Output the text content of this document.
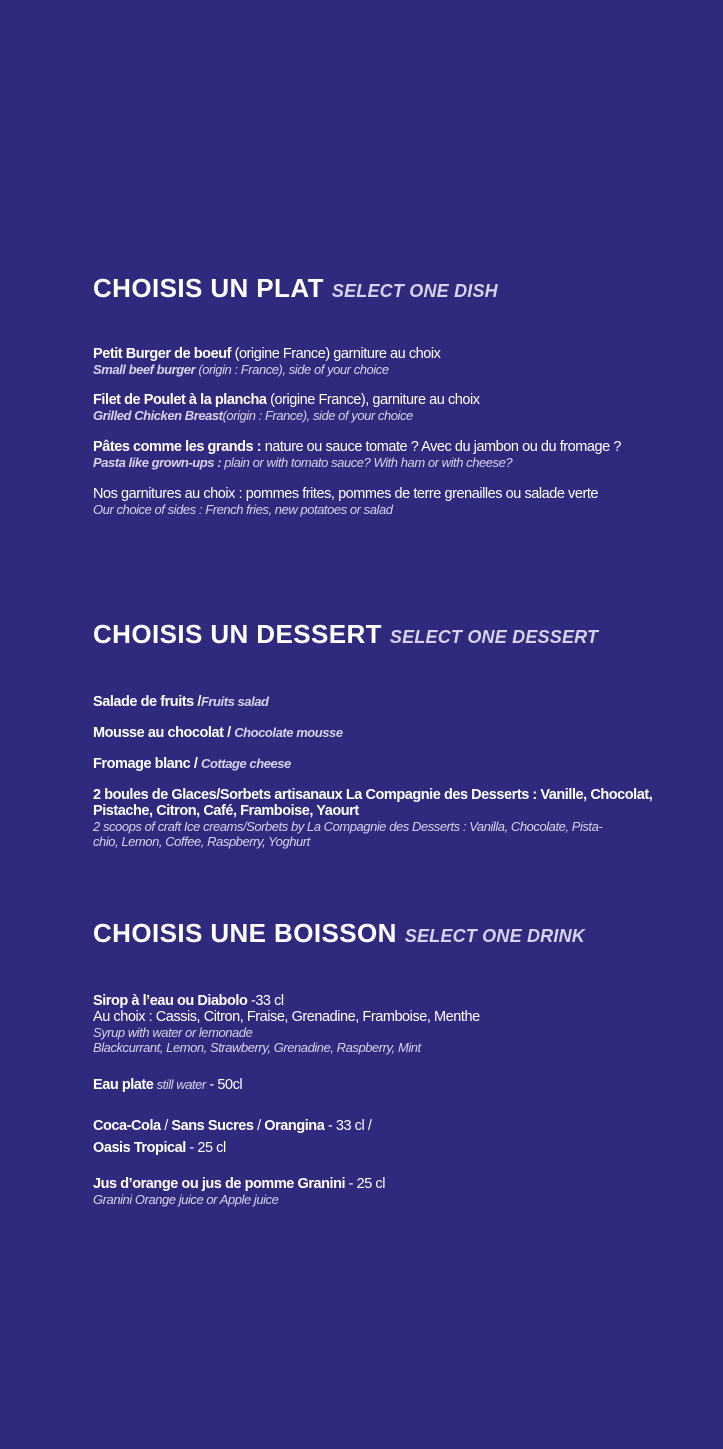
CHOISIS UN PLAT SELECT ONE DISH
Petit Burger de boeuf (origine France) garniture au choix
Small beef burger (origin : France), side of your choice
Filet de Poulet à la plancha (origine France), garniture au choix
Grilled Chicken Breast(origin : France), side of your choice
Pâtes comme les grands : nature ou sauce tomate ? Avec du jambon ou du fromage ?
Pasta like grown-ups : plain or with tomato sauce? With ham or with cheese?
Nos garnitures au choix : pommes frites, pommes de terre grenailles ou salade verte
Our choice of sides : French fries, new potatoes or salad
CHOISIS UN DESSERT SELECT ONE DESSERT
Salade de fruits /Fruits salad
Mousse au chocolat / Chocolate mousse
Fromage blanc / Cottage cheese
2 boules de Glaces/Sorbets artisanaux La Compagnie des Desserts : Vanille, Chocolat,
Pistache, Citron, Café, Framboise, Yaourt
2 scoops of craft Ice creams/Sorbets by La Compagnie des Desserts : Vanilla, Chocolate, Pista-
chio, Lemon, Coffee, Raspberry, Yoghurt
CHOISIS UNE BOISSON SELECT ONE DRINK
Sirop à l’eau ou Diabolo -33 cl
Au choix : Cassis, Citron, Fraise, Grenadine, Framboise, Menthe
Syrup with water or lemonade
Blackcurrant, Lemon, Strawberry, Grenadine, Raspberry, Mint
Eau plate still water - 50cl
Coca-Cola / Sans Sucres / Orangina - 33 cl /
Oasis Tropical - 25 cl
Jus d’orange ou jus de pomme Granini - 25 cl
Granini Orange juice or Apple juice
